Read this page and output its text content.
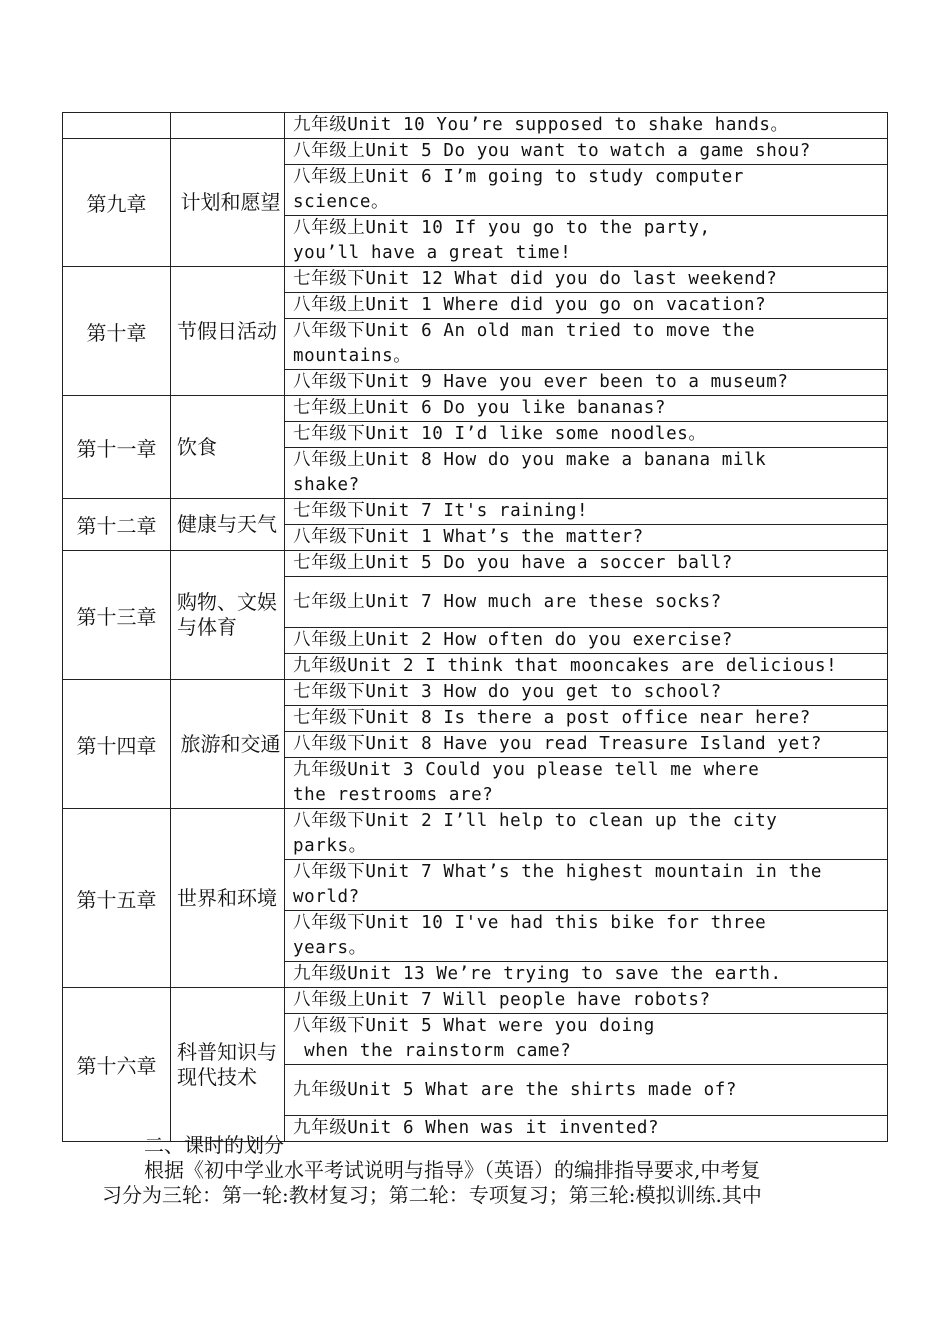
		九年级Unit 10 You’re supposed to shake hands。
第九章	计划和愿望	八年级上Unit 5 Do you want to watch a game shou?
		八年级上Unit 6 I’m going to study computer
science。
		八年级上Unit 10 If you go to the party,
you’ll have a great time!
第十章	节假日活动	七年级下Unit 12 What did you do last weekend?
		八年级上Unit 1 Where did you go on vacation?
		八年级下Unit 6 An old man tried to move the
mountains。
		八年级下Unit 9 Have you ever been to a museum?
第十一章	饮食	七年级上Unit 6 Do you like bananas?
		七年级下Unit 10 I’d like some noodles。
		八年级上Unit 8 How do you make a banana milk
shake?
第十二章	健康与天气	七年级下Unit 7 It's raining!
		八年级下Unit 1 What’s the matter?
第十三章	购物、文娱
与体育	七年级上Unit 5 Do you have a soccer ball?
		七年级上Unit 7 How much are these socks?
		八年级上Unit 2 How often do you exercise?
		九年级Unit 2 I think that mooncakes are delicious!
第十四章	旅游和交通	七年级下Unit 3 How do you get to school?
		七年级下Unit 8 Is there a post office near here?
		八年级下Unit 8 Have you read Treasure Island yet?
		九年级Unit 3 Could you please tell me where
the restrooms are?
第十五章	世界和环境	八年级下Unit 2 I’ll help to clean up the city
parks。
		八年级下Unit 7 What’s the highest mountain in the
world?
		八年级下Unit 10 I've had this bike for three
years。
		九年级Unit 13 We’re trying to save the earth.
第十六章	科普知识与现代技术	八年级上Unit 7 Will people have robots?
		八年级下Unit 5 What were you doing
when the rainstorm came?
		九年级Unit 5 What are the shirts made of?
		九年级Unit 6 When was it invented?
二、课时的划分
根据《初中学业水平考试说明与指导》（英语）的编排指导要求,中考复
习分为三轮：第一轮:教材复习；第二轮：专项复习；第三轮:模拟训练.其中
